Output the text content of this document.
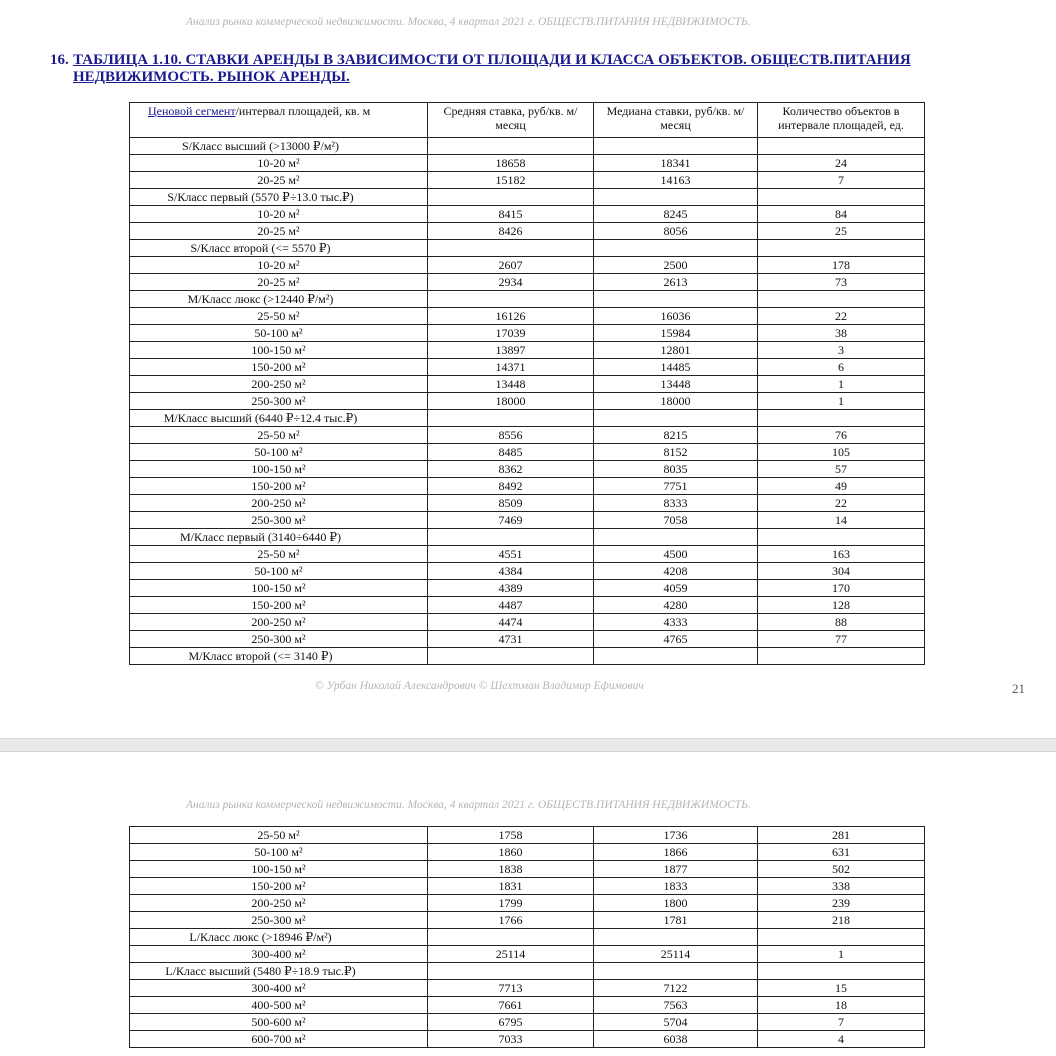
Анализ рынка коммерческой недвижимости. Москва, 4 квартал 2021 г. ОБЩЕСТВ.ПИТАНИЯ НЕДВИЖИМОСТЬ.
16. ТАБЛИЦА 1.10. СТАВКИ АРЕНДЫ В ЗАВИСИМОСТИ ОТ ПЛОЩАДИ И КЛАССА ОБЪЕКТОВ. ОБЩЕСТВ.ПИТАНИЯ
НЕДВИЖИМОСТЬ. РЫНОК АРЕНДЫ.
Ценовой сегмент/интервал площадей, кв. м	Средняя ставка, руб/кв. м/месяц	Медиана ставки, руб/кв. м/месяц	Количество объектов в интервале площадей, ед.
S/Класс высший (>13000 ₽/м²)			
10-20 м²	18658	18341	24
20-25 м²	15182	14163	7
S/Класс первый (5570 ₽÷13.0 тыс.₽)			
10-20 м²	8415	8245	84
20-25 м²	8426	8056	25
S/Класс второй (<= 5570 ₽)			
10-20 м²	2607	2500	178
20-25 м²	2934	2613	73
M/Класс люкс (>12440 ₽/м²)			
25-50 м²	16126	16036	22
50-100 м²	17039	15984	38
100-150 м²	13897	12801	3
150-200 м²	14371	14485	6
200-250 м²	13448	13448	1
250-300 м²	18000	18000	1
M/Класс высший (6440 ₽÷12.4 тыс.₽)			
25-50 м²	8556	8215	76
50-100 м²	8485	8152	105
100-150 м²	8362	8035	57
150-200 м²	8492	7751	49
200-250 м²	8509	8333	22
250-300 м²	7469	7058	14
M/Класс первый (3140÷6440 ₽)			
25-50 м²	4551	4500	163
50-100 м²	4384	4208	304
100-150 м²	4389	4059	170
150-200 м²	4487	4280	128
200-250 м²	4474	4333	88
250-300 м²	4731	4765	77
M/Класс второй (<= 3140 ₽)			
© Урбан Николай Александрович © Шехтман Владимир Ефимович	21
Анализ рынка коммерческой недвижимости. Москва, 4 квартал 2021 г. ОБЩЕСТВ.ПИТАНИЯ НЕДВИЖИМОСТЬ.
25-50 м²	1758	1736	281
50-100 м²	1860	1866	631
100-150 м²	1838	1877	502
150-200 м²	1831	1833	338
200-250 м²	1799	1800	239
250-300 м²	1766	1781	218
L/Класс люкс (>18946 ₽/м²)			
300-400 м²	25114	25114	1
L/Класс высший (5480 ₽÷18.9 тыс.₽)			
300-400 м²	7713	7122	15
400-500 м²	7661	7563	18
500-600 м²	6795	5704	7
600-700 м²	7033	6038	4
